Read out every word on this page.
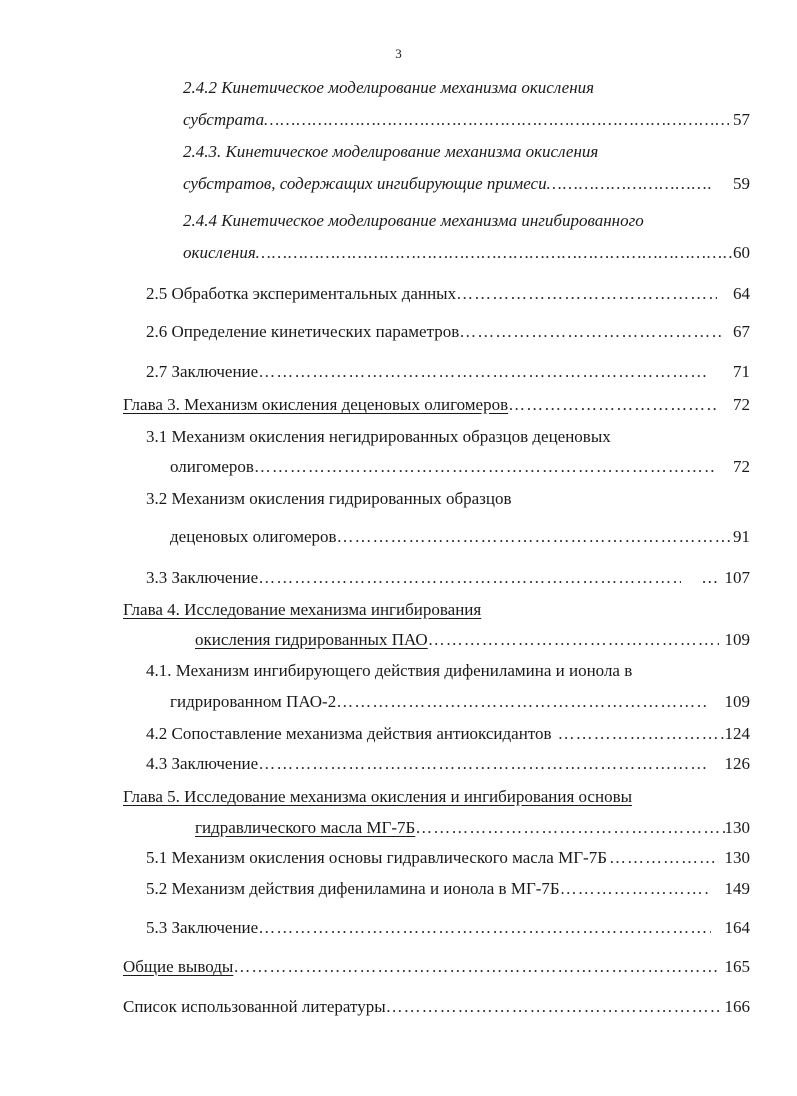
3
2.4.2 Кинетическое моделирование механизма окисления
субстрата ………………………………………………………………………………………………………………………………………………………………………………………………………………………………	57
2.4.3. Кинетическое моделирование механизма окисления
субстратов, содержащих ингибирующие примеси ………………………………………………………………………………………………………………………………………………………………………………………………………………………………	59
2.4.4 Кинетическое моделирование механизма ингибированного
окисления ………………………………………………………………………………………………………………………………………………………………………………………………………………………………	60
2.5 Обработка экспериментальных данных ………………………………………………………………………………………………………………………………………………………………………………………………………………………………	64
2.6 Определение кинетических параметров ………………………………………………………………………………………………………………………………………………………………………………………………………………………………	67
2.7 Заключение ………………………………………………………………………………………………………………………………………………………………………………………………………………………………	71
Глава 3. Механизм окисления деценовых олигомеров ………………………………………………………………………………………………………………………………………………………………………………………………………………………………	72
3.1 Механизм окисления негидрированных образцов деценовых
олигомеров ………………………………………………………………………………………………………………………………………………………………………………………………………………………………	72
3.2 Механизм окисления гидрированных образцов
деценовых олигомеров ………………………………………………………………………………………………………………………………………………………………………………………………………………………………	91
3.3 Заключение ………………………………………………………………………………………………………………………………………………………………………………………………………………………………	… 107
Глава 4. Исследование механизма ингибирования
окисления гидрированных ПАО ………………………………………………………………………………………………………………………………………………………………………………………………………………………………	109
4.1. Механизм ингибирующего действия дифениламина и ионола в
гидрированном ПАО-2 ………………………………………………………………………………………………………………………………………………………………………………………………………………………………	109
4.2 Сопоставление механизма действия антиоксидантов ………………………………………………………………………………………………………………………………………………………………………………………………………………………………	124
4.3 Заключение ………………………………………………………………………………………………………………………………………………………………………………………………………………………………	126
Глава 5. Исследование механизма окисления и ингибирования основы
гидравлического масла МГ-7Б ………………………………………………………………………………………………………………………………………………………………………………………………………………………………	130
5.1 Механизм окисления основы гидравлического масла МГ-7Б ………………………………………………………………………………………………………………………………………………………………………………………………………………………………	130
5.2 Механизм действия дифениламина и ионола в МГ-7Б ………………………………………………………………………………………………………………………………………………………………………………………………………………………………	149
5.3 Заключение ………………………………………………………………………………………………………………………………………………………………………………………………………………………………	164
Общие выводы ………………………………………………………………………………………………………………………………………………………………………………………………………………………………	165
Список использованной литературы ………………………………………………………………………………………………………………………………………………………………………………………………………………………………	166
